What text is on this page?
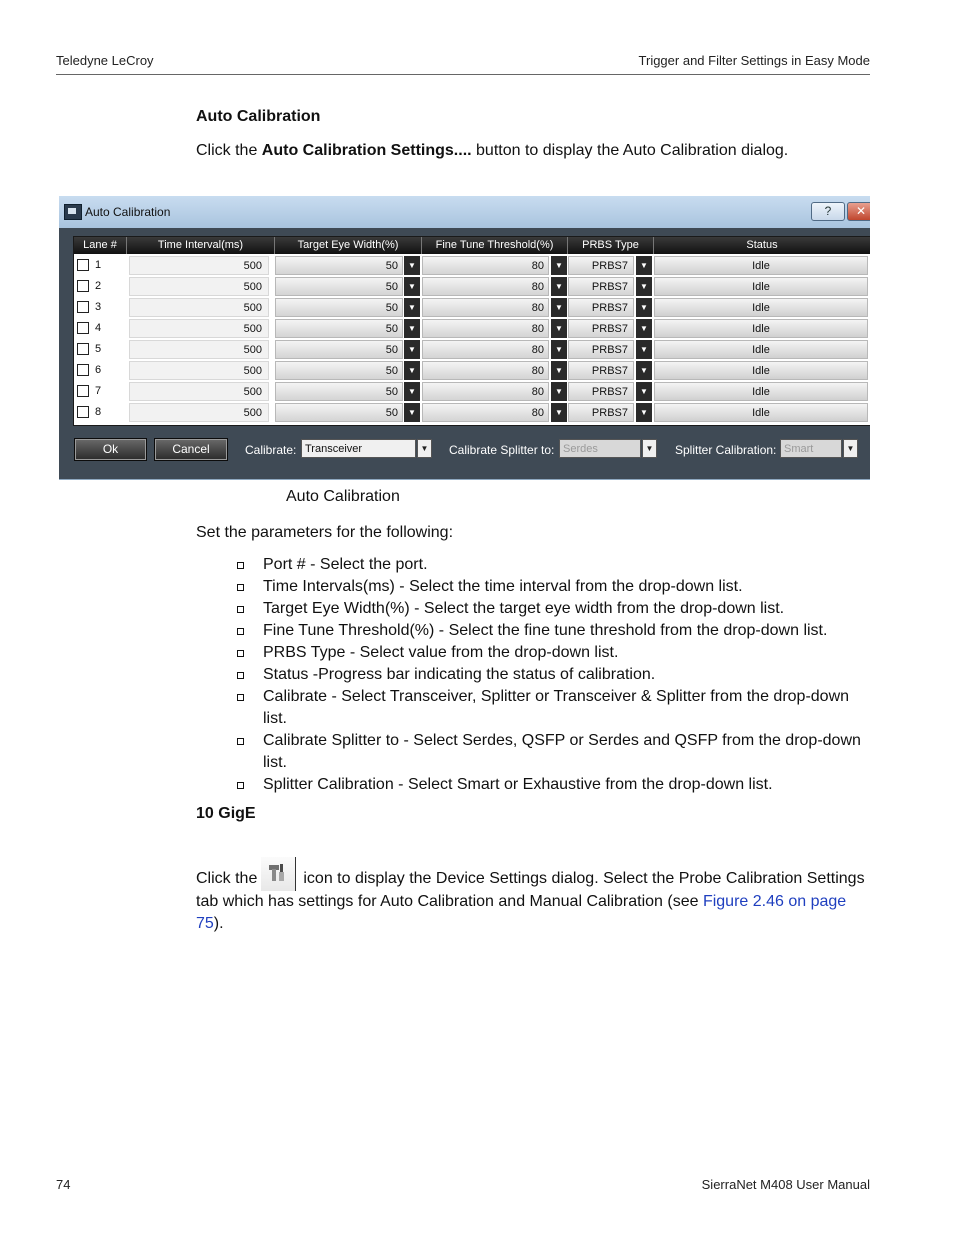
Teledyne LeCroy	Trigger and Filter Settings in Easy Mode
Auto Calibration
Click the Auto Calibration Settings.... button to display the Auto Calibration dialog.
Auto Calibration	?	✕
Lane #	Time Interval(ms)	Target Eye Width(%)	Fine Tune Threshold(%)	PRBS Type	Status
1	500	50	▼	80	▼	PRBS7	▼	Idle
2	500	50	▼	80	▼	PRBS7	▼	Idle
3	500	50	▼	80	▼	PRBS7	▼	Idle
4	500	50	▼	80	▼	PRBS7	▼	Idle
5	500	50	▼	80	▼	PRBS7	▼	Idle
6	500	50	▼	80	▼	PRBS7	▼	Idle
7	500	50	▼	80	▼	PRBS7	▼	Idle
8	500	50	▼	80	▼	PRBS7	▼	Idle
Ok	Cancel	Calibrate: Transceiver	▼ Calibrate Splitter to: Serdes	▼ Splitter Calibration: Smart	▼
Auto Calibration
Set the parameters for the following:
Port # - Select the port.
Time Intervals(ms) - Select the time interval from the drop-down list.
Target Eye Width(%) - Select the target eye width from the drop-down list.
Fine Tune Threshold(%) - Select the fine tune threshold from the drop-down list.
PRBS Type - Select value from the drop-down list.
Status -Progress bar indicating the status of calibration.
Calibrate - Select Transceiver, Splitter or Transceiver & Splitter from the drop-down list.
Calibrate Splitter to - Select Serdes, QSFP or Serdes and QSFP from the drop-down list.
Splitter Calibration - Select Smart or Exhaustive from the drop-down list.
10 GigE
Click the	icon to display the Device Settings dialog. Select the Probe Calibration Settings tab which has settings for Auto Calibration and Manual Calibration (see Figure 2.46 on page 75).
74	SierraNet M408 User Manual
